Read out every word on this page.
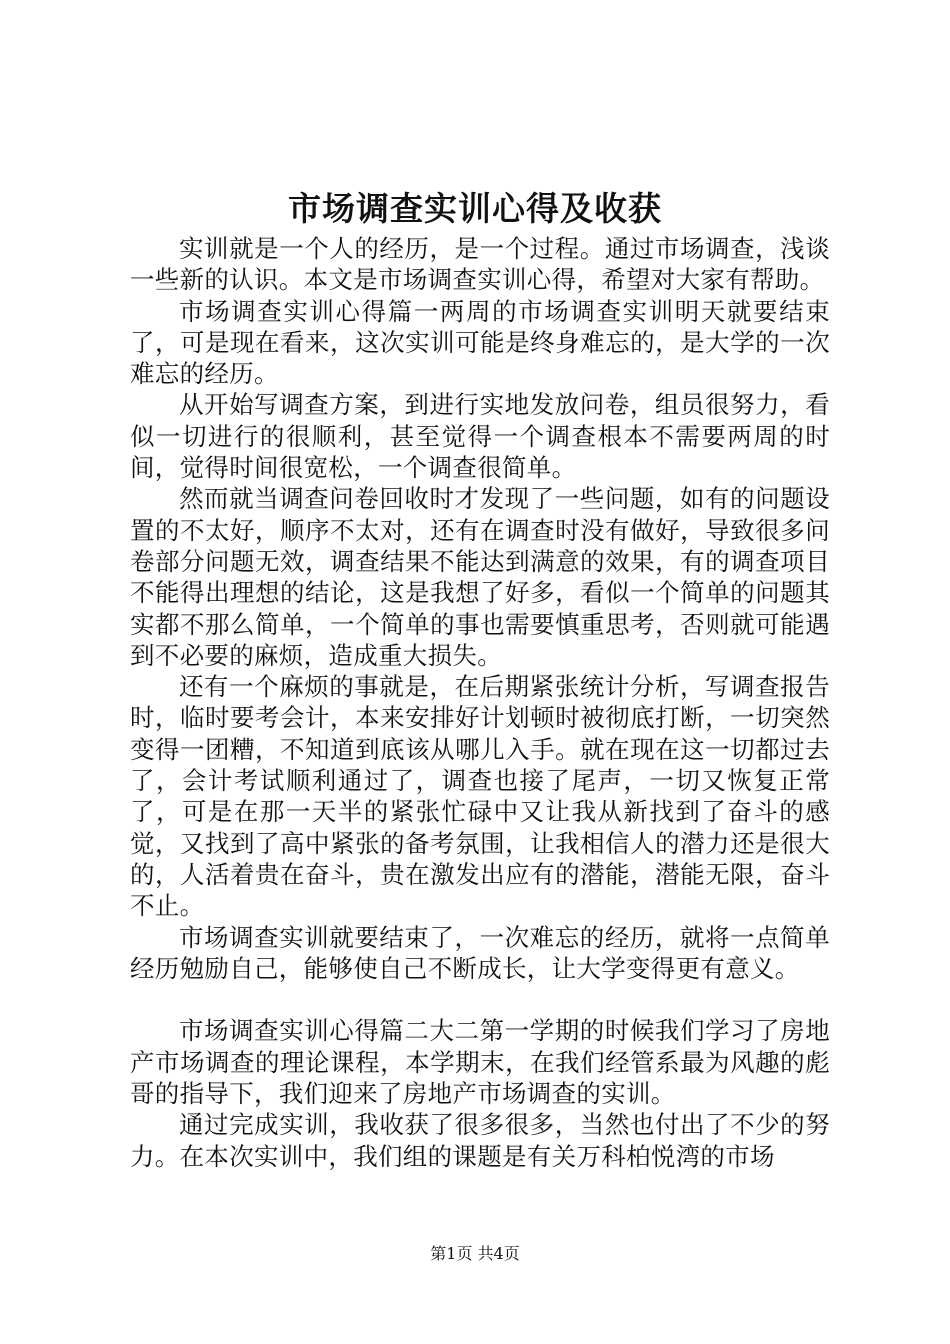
市场调查实训心得及收获

实训就是一个人的经历，是一个过程。通过市场调查，浅谈一些新的认识。本文是市场调查实训心得，希望对大家有帮助。

市场调查实训心得篇一两周的市场调查实训明天就要结束了，可是现在看来，这次实训可能是终身难忘的，是大学的一次难忘的经历。

从开始写调查方案，到进行实地发放问卷，组员很努力，看似一切进行的很顺利，甚至觉得一个调查根本不需要两周的时间，觉得时间很宽松，一个调查很简单。

然而就当调查问卷回收时才发现了一些问题，如有的问题设置的不太好，顺序不太对，还有在调查时没有做好，导致很多问卷部分问题无效，调查结果不能达到满意的效果，有的调查项目不能得出理想的结论，这是我想了好多，看似一个简单的问题其实都不那么简单，一个简单的事也需要慎重思考，否则就可能遇到不必要的麻烦，造成重大损失。

还有一个麻烦的事就是，在后期紧张统计分析，写调查报告时，临时要考会计，本来安排好计划顿时被彻底打断，一切突然变得一团糟，不知道到底该从哪儿入手。就在现在这一切都过去了，会计考试顺利通过了，调查也接了尾声，一切又恢复正常了，可是在那一天半的紧张忙碌中又让我从新找到了奋斗的感觉，又找到了高中紧张的备考氛围，让我相信人的潜力还是很大的，人活着贵在奋斗，贵在激发出应有的潜能，潜能无限，奋斗不止。

市场调查实训就要结束了，一次难忘的经历，就将一点简单经历勉励自己，能够使自己不断成长，让大学变得更有意义。

市场调查实训心得篇二大二第一学期的时候我们学习了房地产市场调查的理论课程，本学期末，在我们经管系最为风趣的彪哥的指导下，我们迎来了房地产市场调查的实训。

通过完成实训，我收获了很多很多，当然也付出了不少的努力。在本次实训中，我们组的课题是有关万科柏悦湾的市场

第1页 共4页
